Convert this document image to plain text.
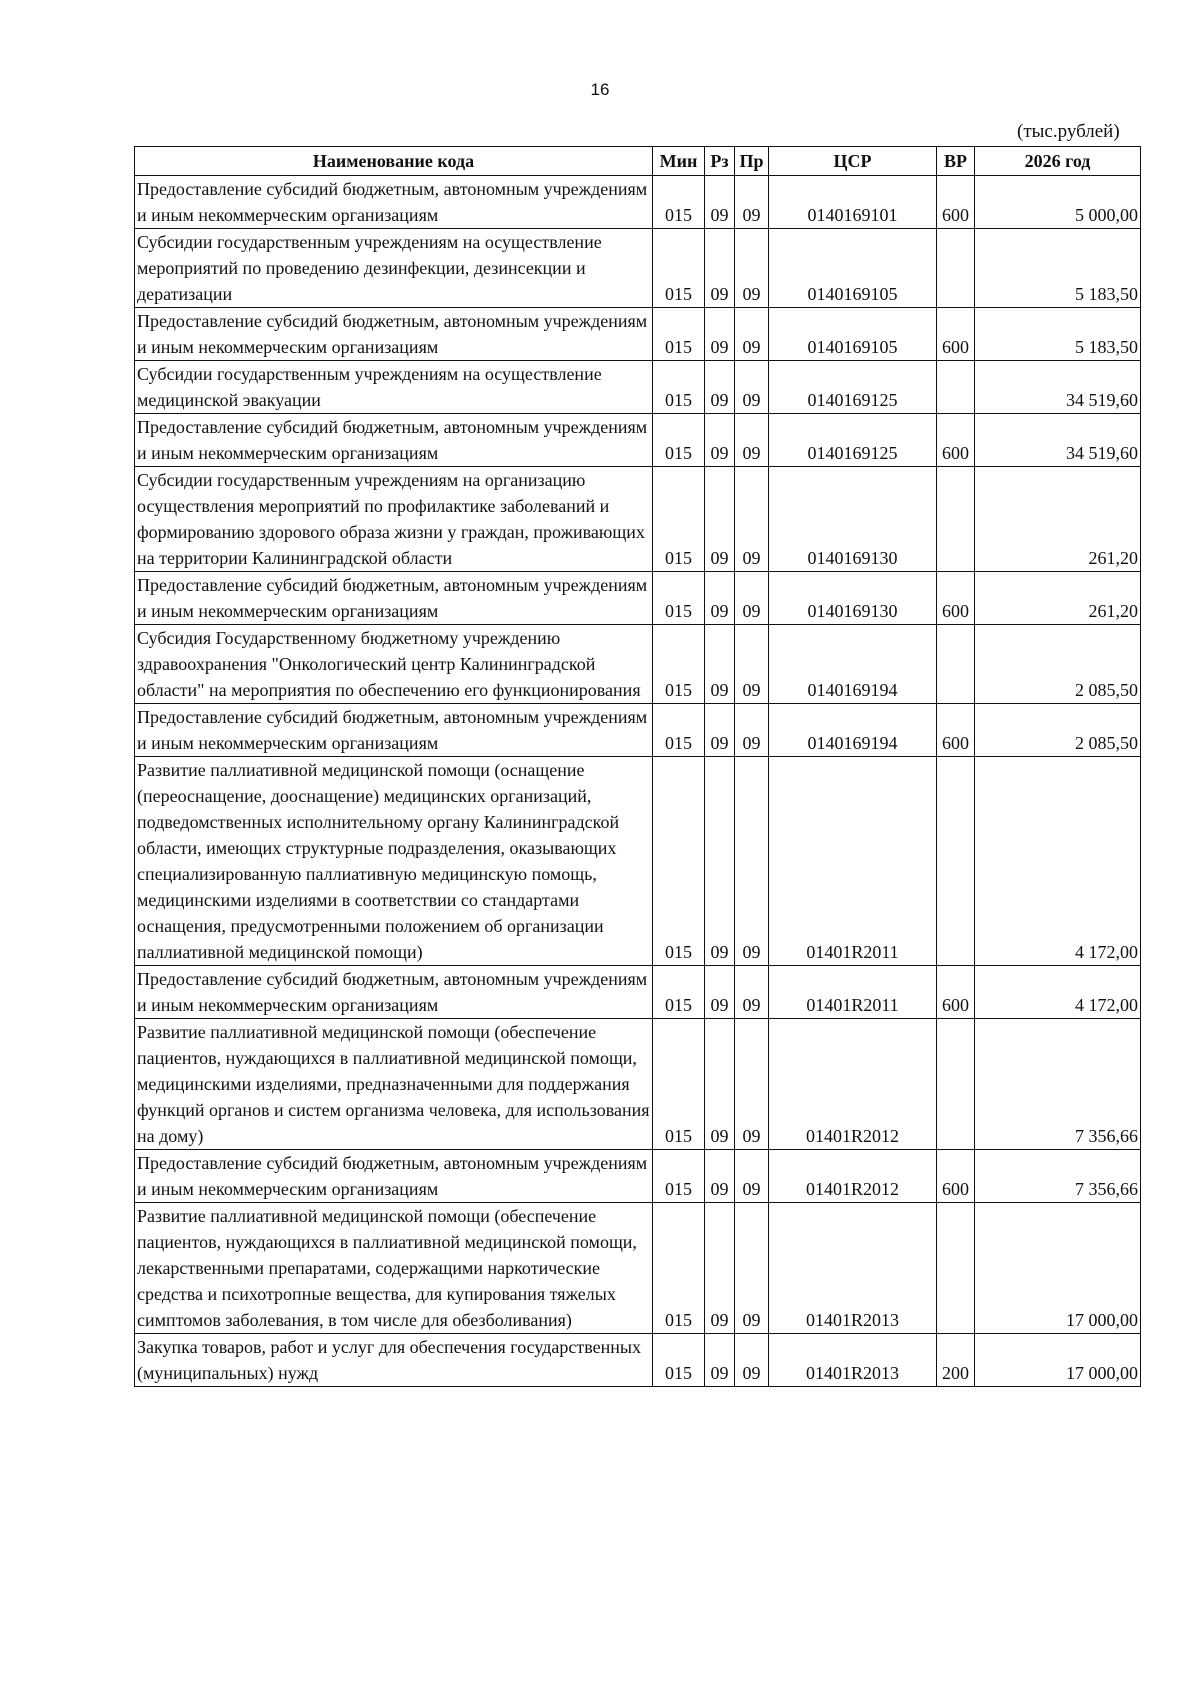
16
(тыс.рублей)
Наименование кода	Мин	Рз	Пр	ЦСР	ВР	2026 год
Предоставление субсидий бюджетным, автономным учреждениям и иным некоммерческим организациям	015	09	09	0140169101	600	5 000,00
Субсидии государственным учреждениям на осуществление мероприятий по проведению дезинфекции, дезинсекции и дератизации	015	09	09	0140169105		5 183,50
Предоставление субсидий бюджетным, автономным учреждениям и иным некоммерческим организациям	015	09	09	0140169105	600	5 183,50
Субсидии государственным учреждениям на осуществление медицинской эвакуации	015	09	09	0140169125		34 519,60
Предоставление субсидий бюджетным, автономным учреждениям и иным некоммерческим организациям	015	09	09	0140169125	600	34 519,60
Субсидии государственным учреждениям на организацию осуществления мероприятий по профилактике заболеваний и формированию здорового образа жизни у граждан, проживающих на территории Калининградской области	015	09	09	0140169130		261,20
Предоставление субсидий бюджетным, автономным учреждениям и иным некоммерческим организациям	015	09	09	0140169130	600	261,20
Субсидия Государственному бюджетному учреждению здравоохранения "Онкологический центр Калининградской области" на мероприятия по обеспечению его функционирования	015	09	09	0140169194		2 085,50
Предоставление субсидий бюджетным, автономным учреждениям и иным некоммерческим организациям	015	09	09	0140169194	600	2 085,50
Развитие паллиативной медицинской помощи (оснащение (переоснащение, дооснащение) медицинских организаций, подведомственных исполнительному органу Калининградской области, имеющих структурные подразделения, оказывающих специализированную паллиативную медицинскую помощь, медицинскими изделиями в соответствии со стандартами оснащения, предусмотренными положением об организации паллиативной медицинской помощи)	015	09	09	01401R2011		4 172,00
Предоставление субсидий бюджетным, автономным учреждениям и иным некоммерческим организациям	015	09	09	01401R2011	600	4 172,00
Развитие паллиативной медицинской помощи (обеспечение пациентов, нуждающихся в паллиативной медицинской помощи, медицинскими изделиями, предназначенными для поддержания функций органов и систем организма человека, для использования на дому)	015	09	09	01401R2012		7 356,66
Предоставление субсидий бюджетным, автономным учреждениям и иным некоммерческим организациям	015	09	09	01401R2012	600	7 356,66
Развитие паллиативной медицинской помощи (обеспечение пациентов, нуждающихся в паллиативной медицинской помощи, лекарственными препаратами, содержащими наркотические средства и психотропные вещества, для купирования тяжелых симптомов заболевания, в том числе для обезболивания)	015	09	09	01401R2013		17 000,00
Закупка товаров, работ и услуг для обеспечения государственных (муниципальных) нужд	015	09	09	01401R2013	200	17 000,00
